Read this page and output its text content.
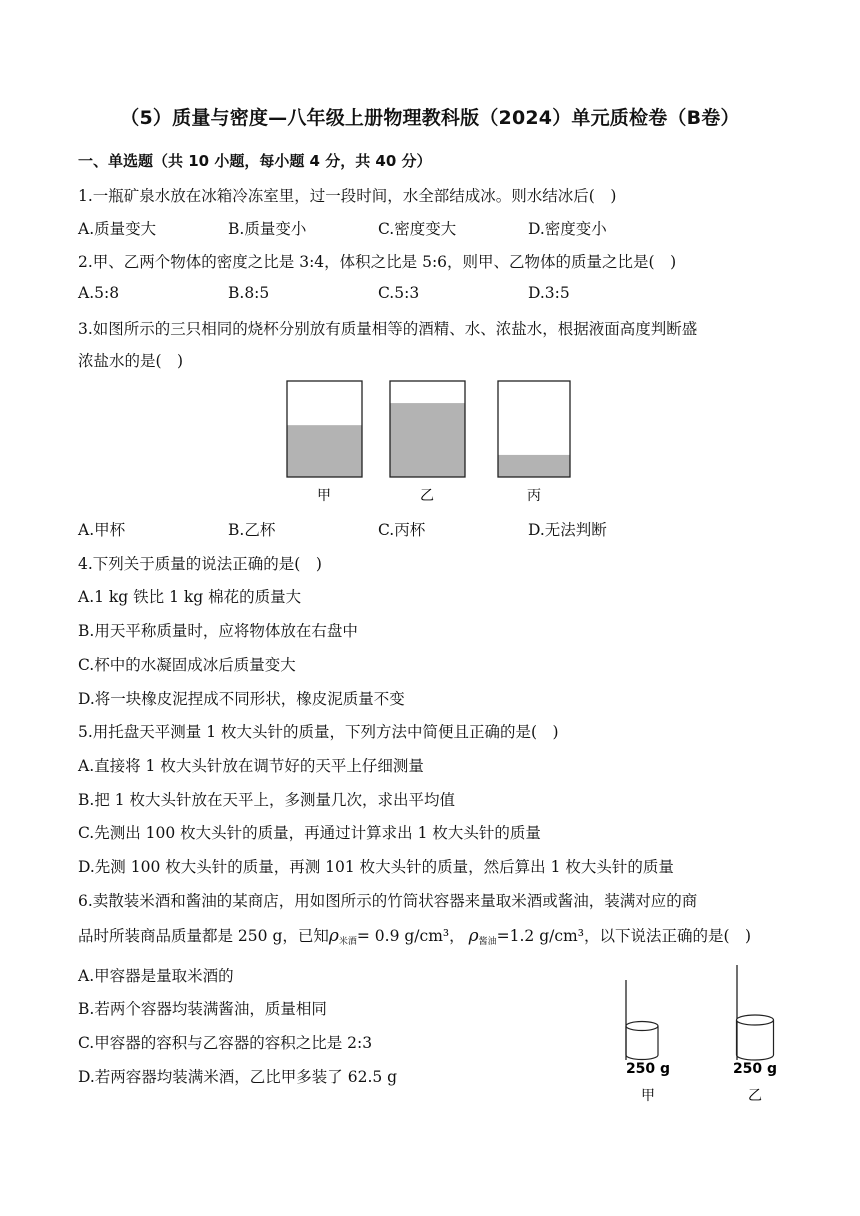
（5）质量与密度—八年级上册物理教科版（2024）单元质检卷（B卷）
一、单选题（共 10 小题，每小题 4 分，共 40 分）
1.一瓶矿泉水放在冰箱冷冻室里，过一段时间，水全部结成冰。则水结冰后(　)
A.质量变大	B.质量变小	C.密度变大	D.密度变小
2.甲、乙两个物体的密度之比是 3:4，体积之比是 5:6，则甲、乙物体的质量之比是(　)
A.5:8	B.8:5	C.5:3	D.3:5
3.如图所示的三只相同的烧杯分别放有质量相等的酒精、水、浓盐水，根据液面高度判断盛
浓盐水的是(　)
甲	乙	丙
A.甲杯	B.乙杯	C.丙杯	D.无法判断
4.下列关于质量的说法正确的是(　)
A.1 kg 铁比 1 kg 棉花的质量大
B.用天平称质量时，应将物体放在右盘中
C.杯中的水凝固成冰后质量变大
D.将一块橡皮泥捏成不同形状，橡皮泥质量不变
5.用托盘天平测量 1 枚大头针的质量，下列方法中简便且正确的是(　)
A.直接将 1 枚大头针放在调节好的天平上仔细测量
B.把 1 枚大头针放在天平上，多测量几次，求出平均值
C.先测出 100 枚大头针的质量，再通过计算求出 1 枚大头针的质量
D.先测 100 枚大头针的质量，再测 101 枚大头针的质量，然后算出 1 枚大头针的质量
6.卖散装米酒和酱油的某商店，用如图所示的竹筒状容器来量取米酒或酱油，装满对应的商
品时所装商品质量都是 250 g，已知$\rho_{米酒}= 0.9$ g/cm³， $\rho_{酱油}=1.2$ g/cm³，以下说法正确的是(　)
A.甲容器是量取米酒的
B.若两个容器均装满酱油，质量相同
C.甲容器的容积与乙容器的容积之比是 2:3
D.若两容器均装满米酒，乙比甲多装了 62.5 g	250 g
甲
250 g
乙
